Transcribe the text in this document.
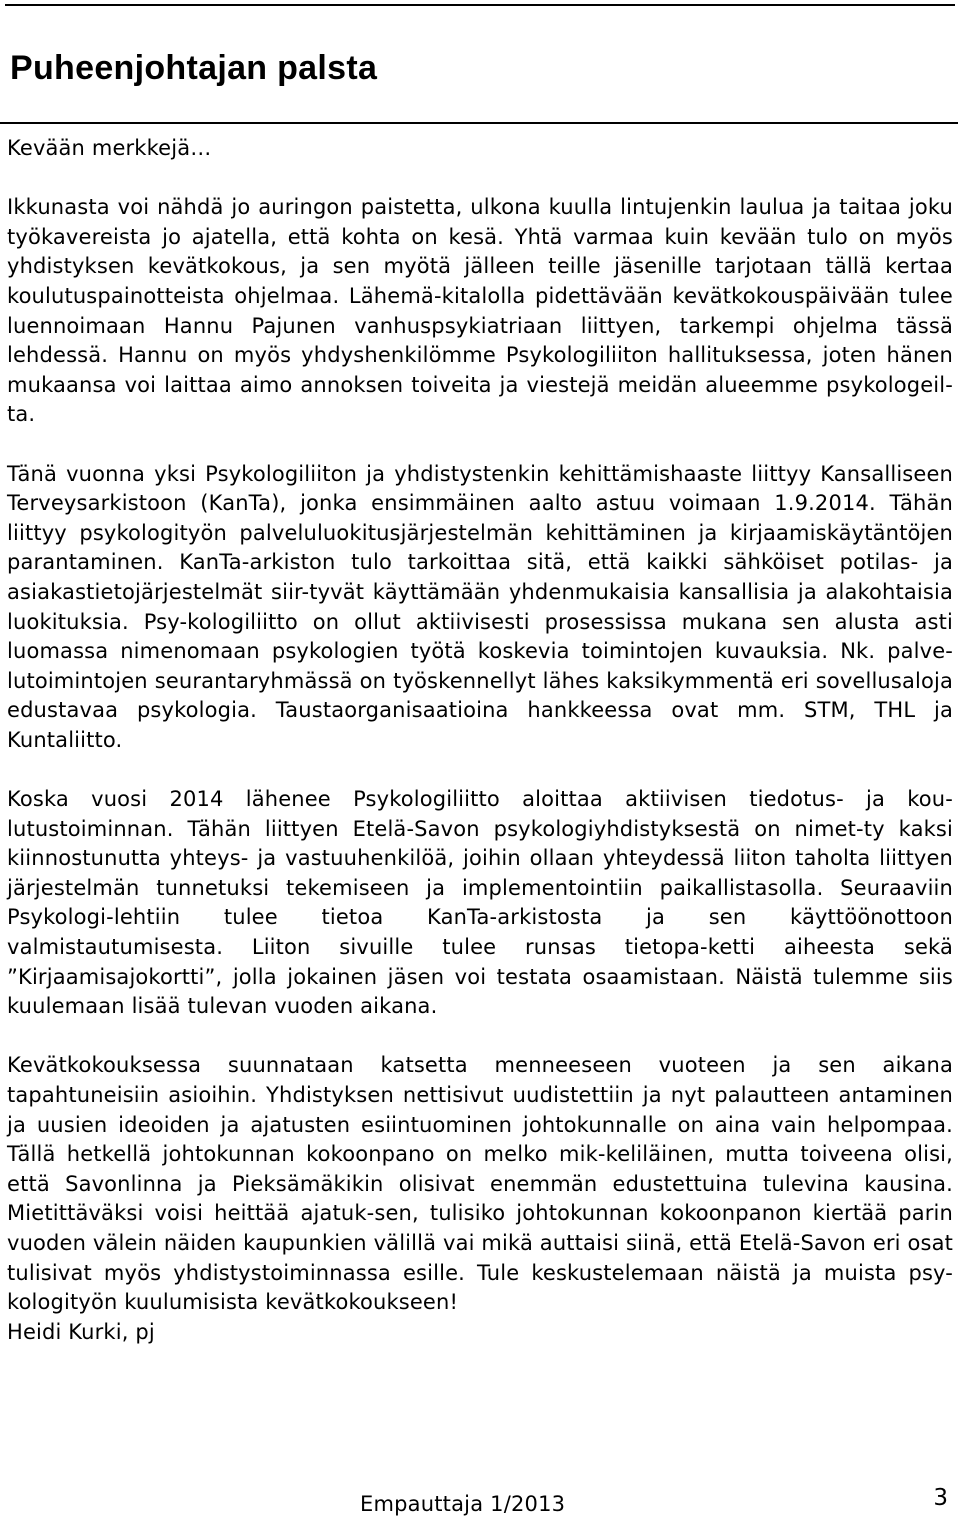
Puheenjohtajan palsta

Kevään merkkejä…

Ikkunasta voi nähdä jo auringon paistetta, ulkona kuulla lintujenkin laulua ja taitaa joku työkavereista jo ajatella, että kohta on kesä. Yhtä varmaa kuin kevään tulo on myös yhdistyksen kevätkokous, ja sen myötä jälleen teille jäsenille tarjotaan tällä kertaa koulutuspainotteista ohjelmaa. Lähemä-kitalolla pidettävään kevätkokouspäivään tulee luennoimaan Hannu Pajunen vanhuspsykiatriaan liittyen, tarkempi ohjelma tässä lehdessä. Hannu on myös yhdyshenkilömme Psykologiliiton hallituksessa, joten hänen mukaansa voi laittaa aimo annoksen toiveita ja viestejä meidän alueemme psykologeil-ta.

Tänä vuonna yksi Psykologiliiton ja yhdistystenkin kehittämishaaste liittyy Kansalliseen Terveysarkistoon (KanTa), jonka ensimmäinen aalto astuu voimaan 1.9.2014. Tähän liittyy psykologityön palveluluokitusjärjestelmän kehittäminen ja kirjaamiskäytäntöjen parantaminen. KanTa-arkiston tulo tarkoittaa sitä, että kaikki sähköiset potilas- ja asiakastietojärjestelmät siir-tyvät käyttämään yhdenmukaisia kansallisia ja alakohtaisia luokituksia. Psy-kologiliitto on ollut aktiivisesti prosessissa mukana sen alusta asti luomassa nimenomaan psykologien työtä koskevia toimintojen kuvauksia. Nk. palve-lutoimintojen seurantaryhmässä on työskennellyt lähes kaksikymmentä eri sovellusaloja edustavaa psykologia. Taustaorganisaatioina hankkeessa ovat mm. STM, THL ja Kuntaliitto.

Koska vuosi 2014 lähenee Psykologiliitto aloittaa aktiivisen tiedotus- ja kou-lutustoiminnan. Tähän liittyen Etelä-Savon psykologiyhdistyksestä on nimet-ty kaksi kiinnostunutta yhteys- ja vastuuhenkilöä, joihin ollaan yhteydessä liiton taholta liittyen järjestelmän tunnetuksi tekemiseen ja implementointiin paikallistasolla. Seuraaviin Psykologi-lehtiin tulee tietoa KanTa-arkistosta ja sen käyttöönottoon valmistautumisesta. Liiton sivuille tulee runsas tietopa-ketti aiheesta sekä ”Kirjaamisajokortti”, jolla jokainen jäsen voi testata osaamistaan. Näistä tulemme siis kuulemaan lisää tulevan vuoden aikana.

Kevätkokouksessa suunnataan katsetta menneeseen vuoteen ja sen aikana tapahtuneisiin asioihin. Yhdistyksen nettisivut uudistettiin ja nyt palautteen antaminen ja uusien ideoiden ja ajatusten esiintuominen johtokunnalle on aina vain helpompaa. Tällä hetkellä johtokunnan kokoonpano on melko mik-keliläinen, mutta toiveena olisi, että Savonlinna ja Pieksämäkikin olisivat enemmän edustettuina tulevina kausina. Mietittäväksi voisi heittää ajatuk-sen, tulisiko johtokunnan kokoonpanon kiertää parin vuoden välein näiden kaupunkien välillä vai mikä auttaisi siinä, että Etelä-Savon eri osat tulisivat myös yhdistystoiminnassa esille. Tule keskustelemaan näistä ja muista psy-kologityön kuulumisista kevätkokoukseen!

Heidi Kurki, pj

Empauttaja 1/2013	3
